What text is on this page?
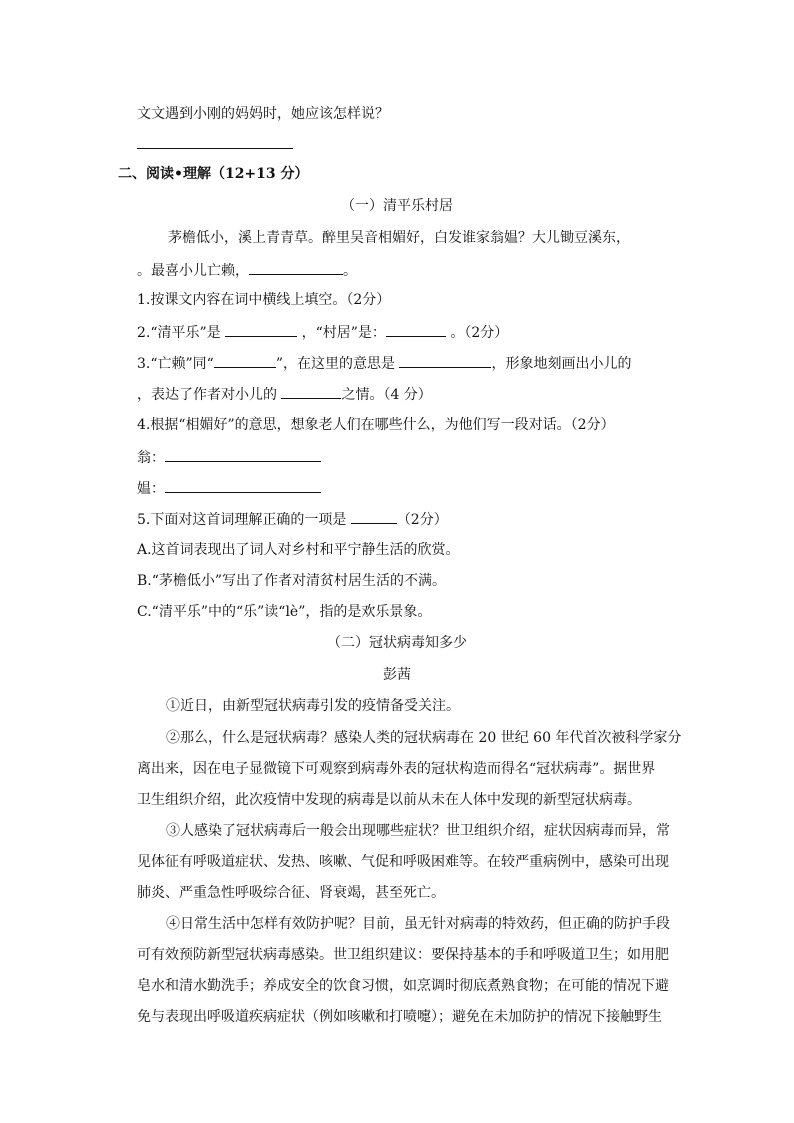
文文遇到小刚的妈妈时，她应该怎样说？
二、阅读•理解（12+13 分）
（一）清平乐村居
茅檐低小，溪上青青草。醉里吴音相媚好，白发谁家翁媪？大儿锄豆溪东，
。最喜小儿亡赖，	。
1.按课文内容在词中横线上填空。（2分）
2.“清平乐”是	，“村居”是：	。（2分）
3.“亡赖”同“	”，在这里的意思是	，形象地刻画出小儿的
，表达了作者对小儿的	之情。（4 分）
4.根据“相媚好”的意思，想象老人们在哪些什么，为他们写一段对话。（2分）
翁：
媪：
5.下面对这首词理解正确的一项是	（2分）
A.这首词表现出了词人对乡村和平宁静生活的欣赏。
B.“茅檐低小”写出了作者对清贫村居生活的不满。
C.“清平乐”中的“乐”读“lè”，指的是欢乐景象。
（二）冠状病毒知多少
彭茜
①近日，由新型冠状病毒引发的疫情备受关注。
②那么，什么是冠状病毒？感染人类的冠状病毒在 20 世纪 60 年代首次被科学家分
离出来，因在电子显微镜下可观察到病毒外表的冠状构造而得名“冠状病毒”。据世界
卫生组织介绍，此次疫情中发现的病毒是以前从未在人体中发现的新型冠状病毒。
③人感染了冠状病毒后一般会出现哪些症状？世卫组织介绍，症状因病毒而异，常
见体征有呼吸道症状、发热、咳嗽、气促和呼吸困难等。在较严重病例中，感染可出现
肺炎、严重急性呼吸综合征、肾衰竭，甚至死亡。
④日常生活中怎样有效防护呢？目前，虽无针对病毒的特效药，但正确的防护手段
可有效预防新型冠状病毒感染。世卫组织建议：要保持基本的手和呼吸道卫生；如用肥
皂水和清水勤洗手；养成安全的饮食习惯，如烹调时彻底煮熟食物；在可能的情况下避
免与表现出呼吸道疾病症状（例如咳嗽和打喷嚏）；避免在未加防护的情况下接触野生
